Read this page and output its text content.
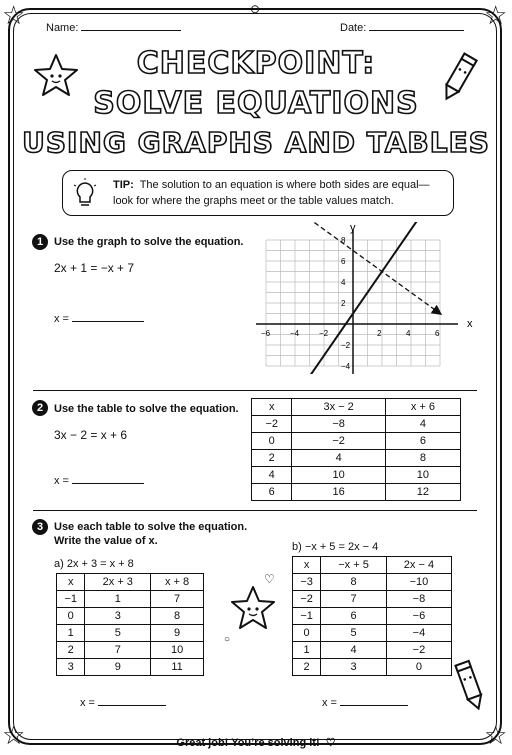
☆	☆
☆	☆
⊙
Name:	Date:
CHECKPOINT:
SOLVE EQUATIONS
USING GRAPHS AND TABLES
TIP: The solution to an equation is where both sides are equal—look for where the graphs meet or the table values match.
1 Use the graph to solve the equation.
2x + 1 = −x + 7
x =	x
y
−6 −4 −2	2	4	6
8
6
4
2
−2
−4
2 Use the table to solve the equation.
3x − 2 = x + 6
x =
x	3x − 2	x + 6
−2	−8	4
0	−2	6
2	4	8
4	10	10
6	16	12
3 Use each table to solve the equation.
Write the value of x.
a) 2x + 3 = x + 8
x	2x + 3	x + 8
−1	1	7
0	3	8
1	5	9
2	7	10
3	9	11
x =
b) −x + 5 = 2x − 4
x	−x + 5	2x − 4
−3	8	−10
−2	7	−8
−1	6	−6
0	5	−4
1	4	−2
2	3	0
x =
♡
○
Great job! You’re solving it!  ♡
